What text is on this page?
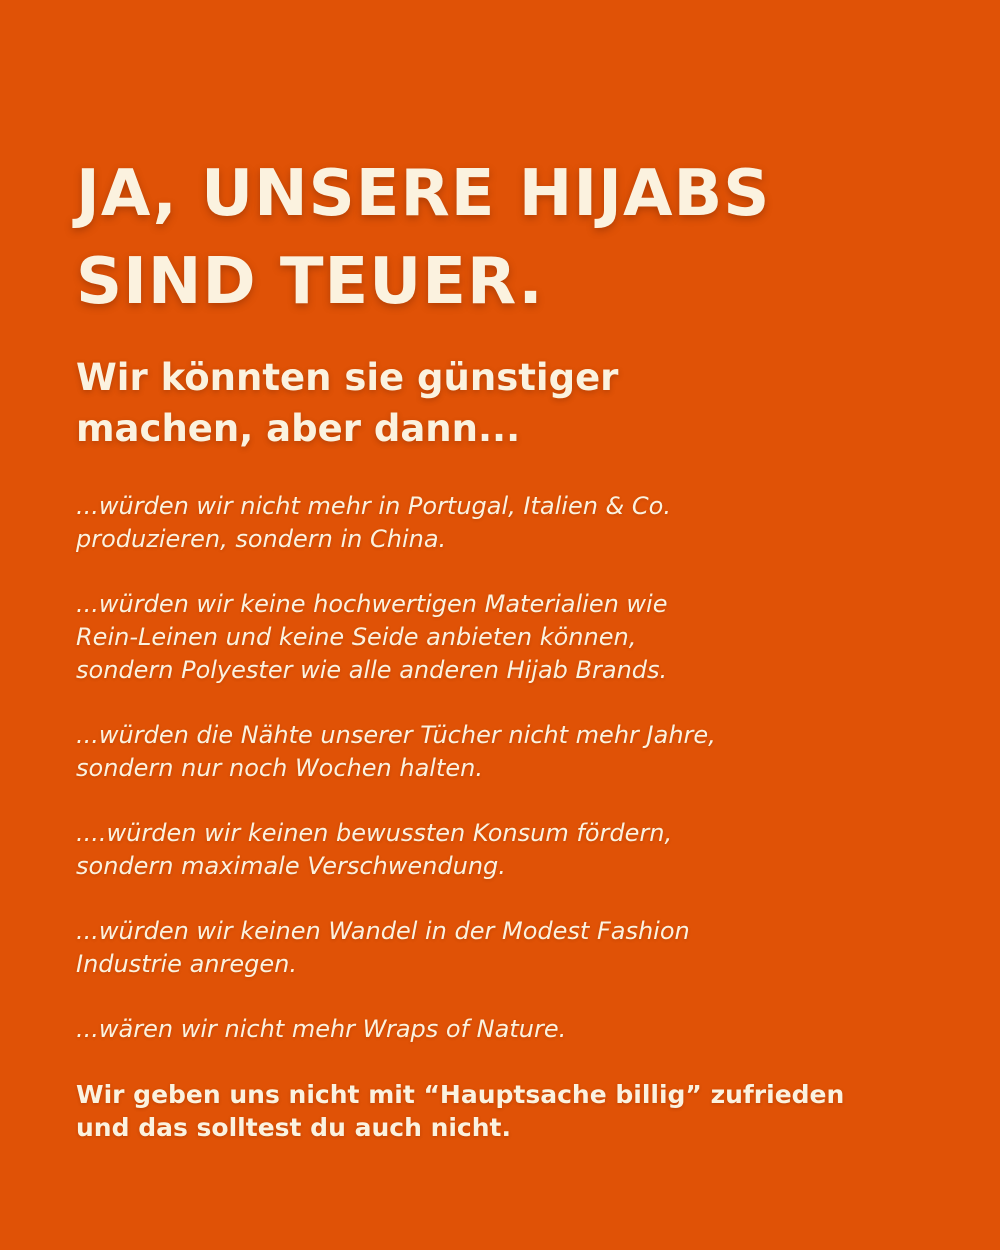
JA, UNSERE HIJABS
SIND TEUER.
Wir könnten sie günstiger
machen, aber dann...

...würden wir nicht mehr in Portugal, Italien & Co.
produzieren, sondern in China.

...würden wir keine hochwertigen Materialien wie
Rein-Leinen und keine Seide anbieten können,
sondern Polyester wie alle anderen Hijab Brands.

...würden die Nähte unserer Tücher nicht mehr Jahre,
sondern nur noch Wochen halten.

....würden wir keinen bewussten Konsum fördern,
sondern maximale Verschwendung.

...würden wir keinen Wandel in der Modest Fashion
Industrie anregen.

...wären wir nicht mehr Wraps of Nature.

Wir geben uns nicht mit “Hauptsache billig” zufrieden
und das solltest du auch nicht.
